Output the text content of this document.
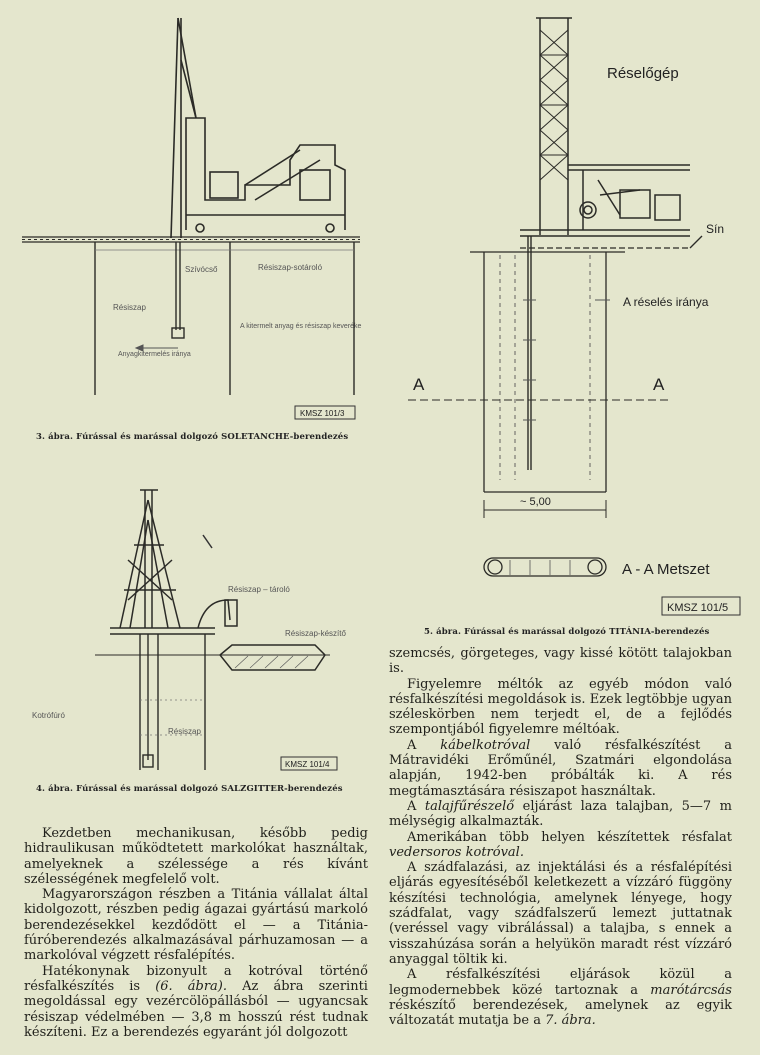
Szívócső	Résiszap-sotároló
Résiszap
A kitermelt anyag és résiszap keveréke
Anyagkitermelés iránya
KMSZ 101/3
3. ábra. Fúrással és marással dolgozó SOLETANCHE-berendezés
Résiszap – tároló
Résiszap-készítő
Kotrófúró
Résiszap
KMSZ 101/4
4. ábra. Fúrással és marással dolgozó SALZGITTER-berendezés
Réselőgép
Sín
A réselés iránya
A	A
~ 5,00
A - A Metszet
KMSZ 101/5
5. ábra. Fúrással és marással dolgozó TITÁNIA-berendezés

Kezdetben mechanikusan, később pedig hidraulikusan működtetett markolókat használtak, amelyeknek a szélessége a rés kívánt szélességének megfelelő volt.

Magyarországon részben a Titánia vállalat által kidolgozott, részben pedig ágazai gyártású markoló berendezésekkel kezdődött el — a Titánia-fúróberendezés alkalmazásával párhuzamosan — a markolóval végzett résfalépítés.

Hatékonynak bizonyult a kotróval történő résfalkészítés is (6. ábra). Az ábra szerinti megoldással egy vezércölöpállásból — ugyancsak résiszap védelmében — 3,8 m hosszú rést tudnak készíteni. Ez a berendezés egyaránt jól dolgozott

szemcsés, görgeteges, vagy kissé kötött talajokban is.

Figyelemre méltók az egyéb módon való résfalkészítési megoldások is. Ezek legtöbbje ugyan széleskörben nem terjedt el, de a fejlődés szempontjából figyelemre méltóak.

A kábelkotróval való résfalkészítést a Mátravidéki Erőműnél, Szatmári elgondolása alapján, 1942-ben próbálták ki. A rés megtámasztására résiszapot használtak.

A talajfűrészelő eljárást laza talajban, 5—7 m mélységig alkalmazták.

Amerikában több helyen készítettek résfalat vedersoros kotróval.

A szádfalazási, az injektálási és a résfalépítési eljárás egyesítéséből keletkezett a vízzáró függöny készítési technológia, amelynek lényege, hogy szádfalat, vagy szádfalszerű lemezt juttatnak (veréssel vagy vibrálással) a talajba, s ennek a visszahúzása során a helyükön maradt rést vízzáró anyaggal töltik ki.

A résfalkészítési eljárások közül a legmodernebbek közé tartoznak a marótárcsás réskészítő berendezések, amelynek az egyik változatát mutatja be a 7. ábra.
